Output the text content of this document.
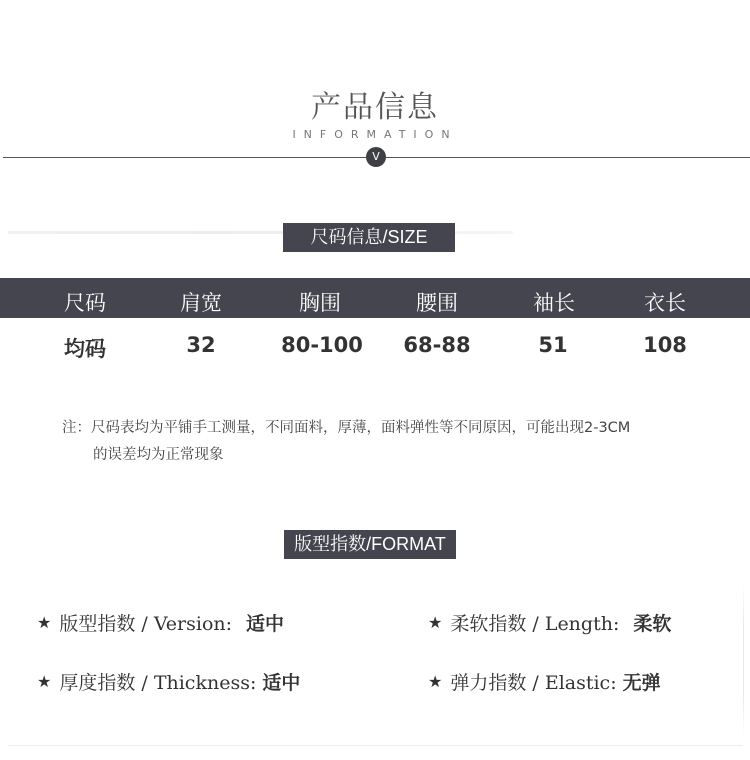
产品信息
INFORMATION
V
尺码信息/SIZE
尺码	肩宽	胸围	腰围	袖长	衣长
均码	32	80-100	68-88	51	108
注：尺码表均为平铺手工测量，不同面料，厚薄，面料弹性等不同原因，可能出现2-3CM
的误差均为正常现象
版型指数/FORMAT
★ 版型指数 / Version: 适中	★ 柔软指数 / Length: 柔软
★ 厚度指数 / Thickness: 适中	★ 弹力指数 / Elastic: 无弹
